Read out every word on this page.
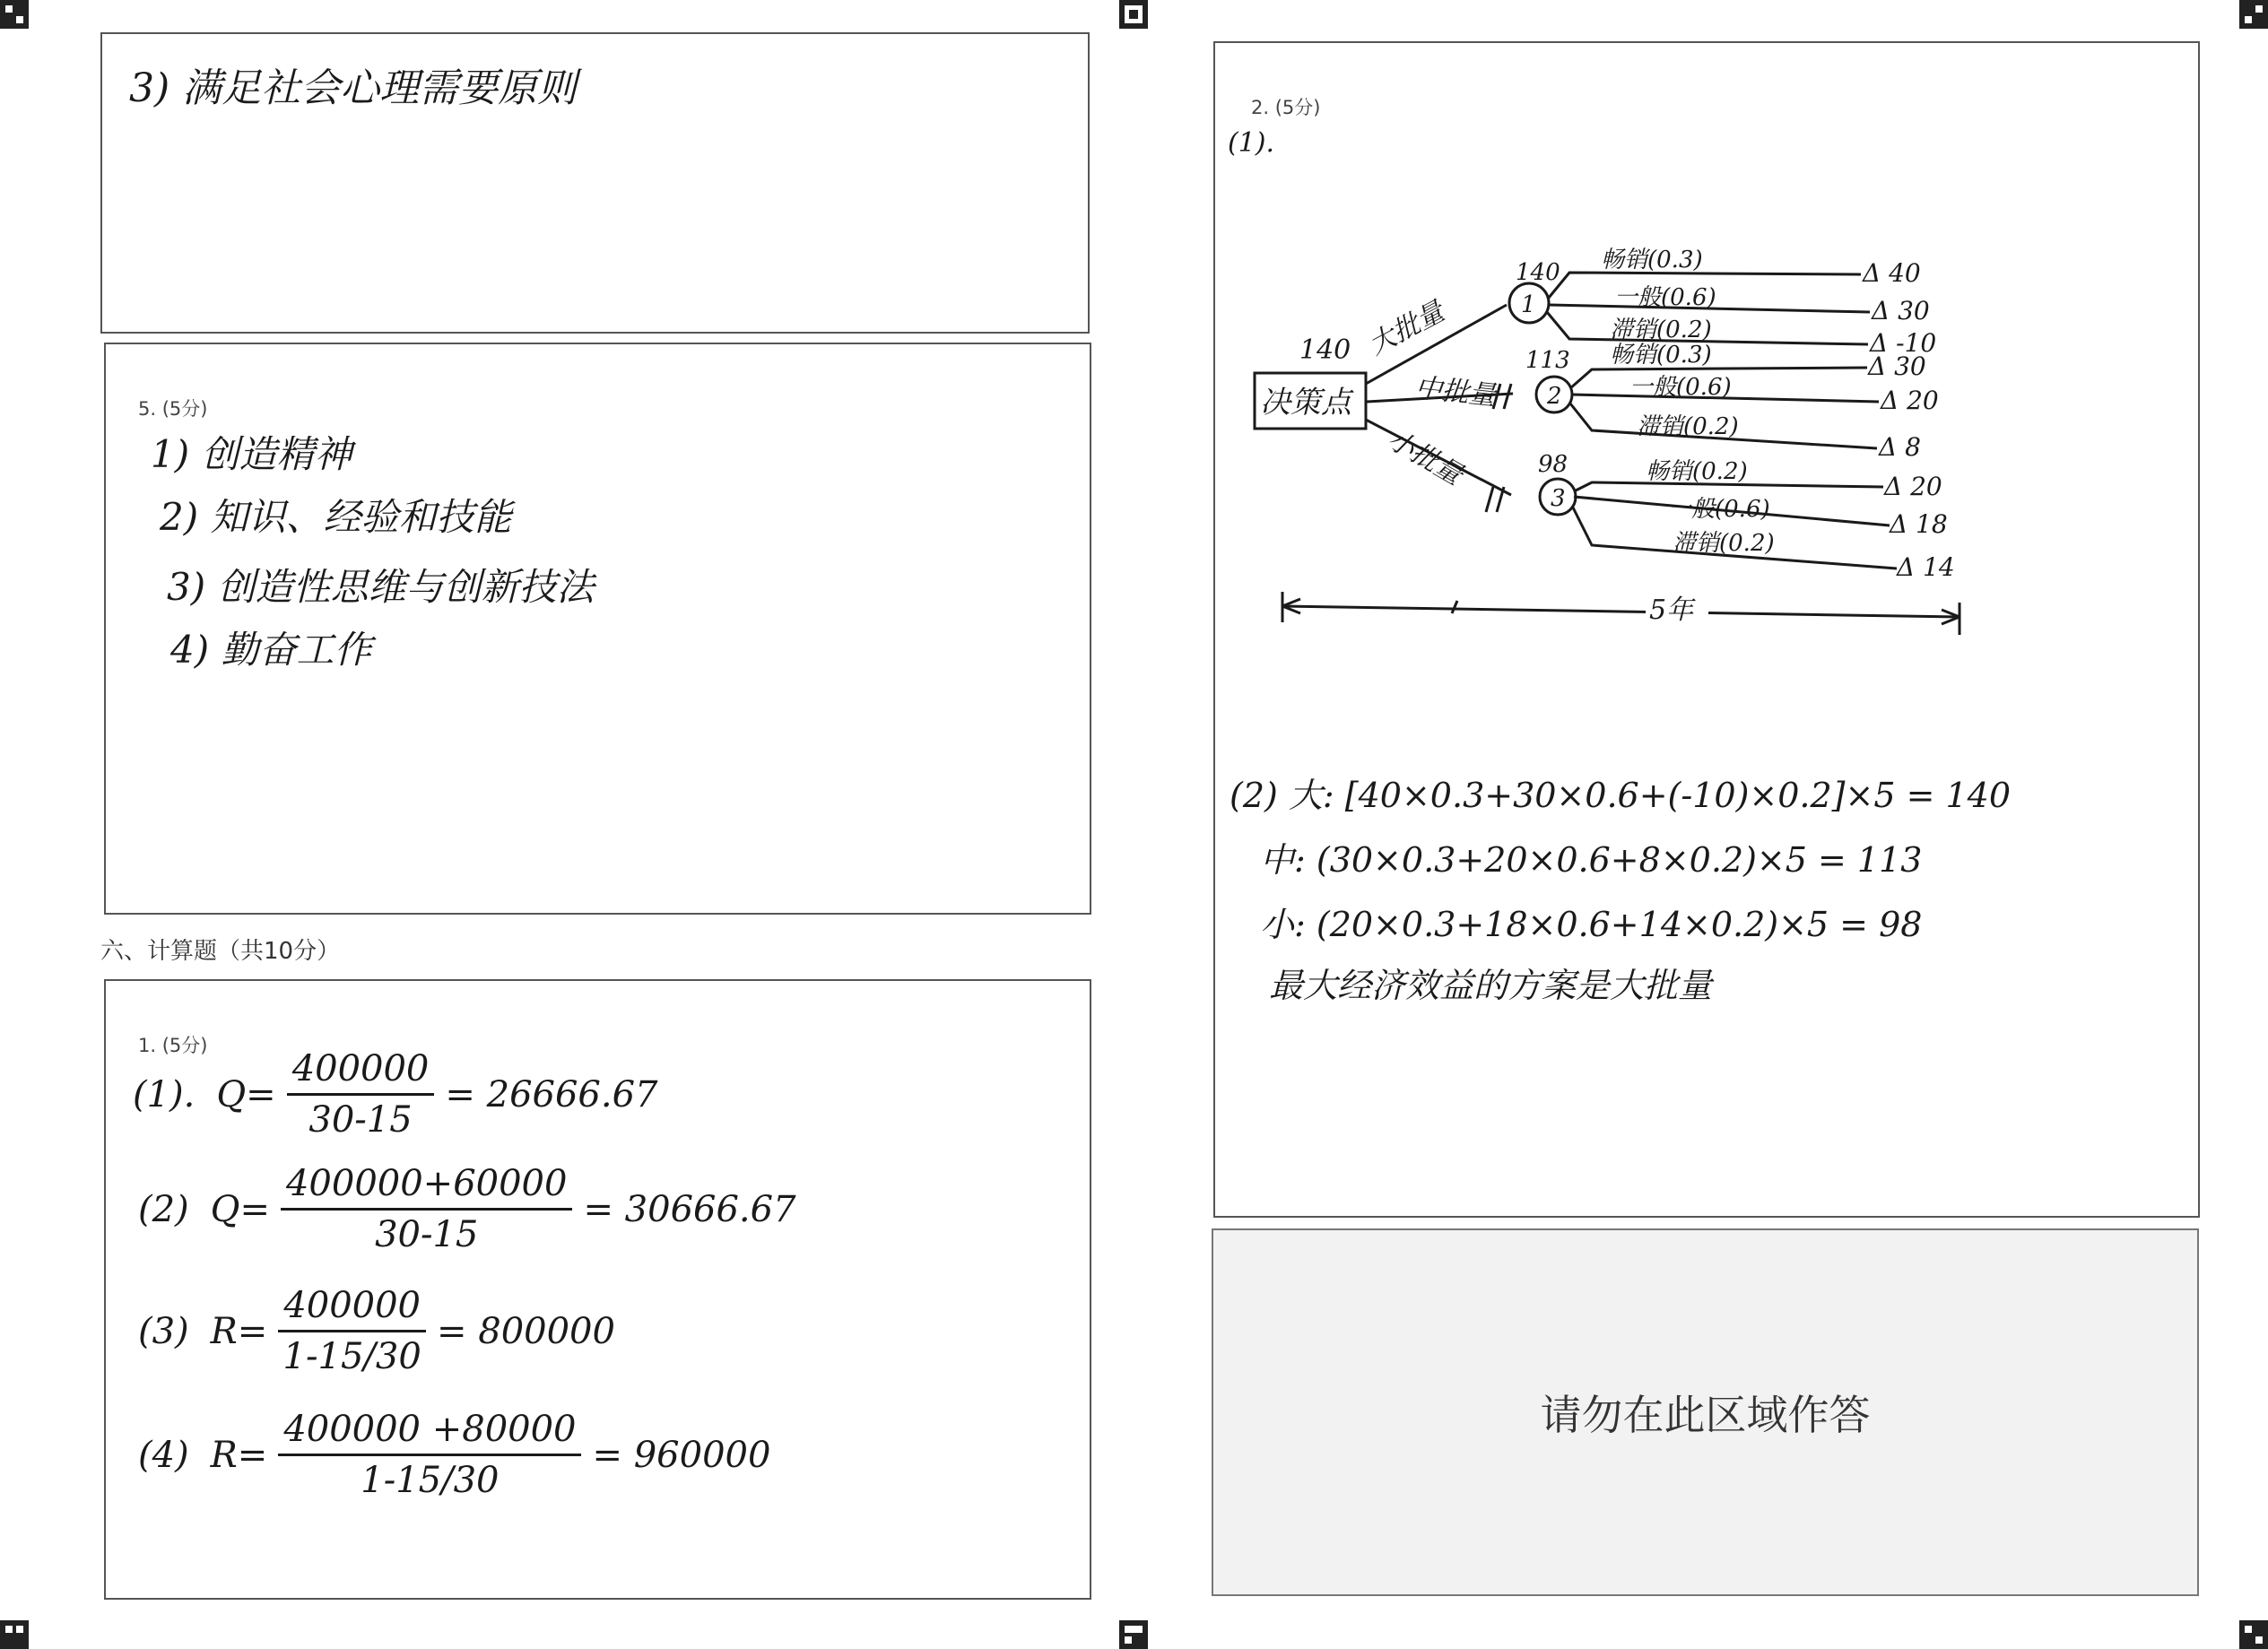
3) 满足社会心理需要原则
5. (5分)
1) 创造精神
2) 知识、经验和技能
3) 创造性思维与创新技法
4) 勤奋工作
六、计算题（共10分）
1. (5分)
(1). $Q= \frac{400000}{30-15} = 26666.67$
(2) $Q= \frac{400000+60000}{30-15} = 30666.67$
(3) $R= \frac{400000}{1-15/30} = 800000$
(4) $R= \frac{400000 +80000}{1-15/30} = 960000$
2. (5分)
(1).
140
决策点
大批量
中批量
小批量
1
2
3
140
113
98
畅销(0.3)
一般(0.6)
滞销(0.2)
Δ 40
Δ 30
Δ -10
畅销(0.3)
一般(0.6)
滞销(0.2)
Δ 30
Δ 20
Δ 8
畅销(0.2)
一般(0.6)
滞销(0.2)
Δ 20
Δ 18
Δ 14
5年
(2) 大: [40×0.3+30×0.6+(-10)×0.2]×5 = 140
中: (30×0.3+20×0.6+8×0.2)×5 = 113
小: (20×0.3+18×0.6+14×0.2)×5 = 98
最大经济效益的方案是大批量
请勿在此区域作答
